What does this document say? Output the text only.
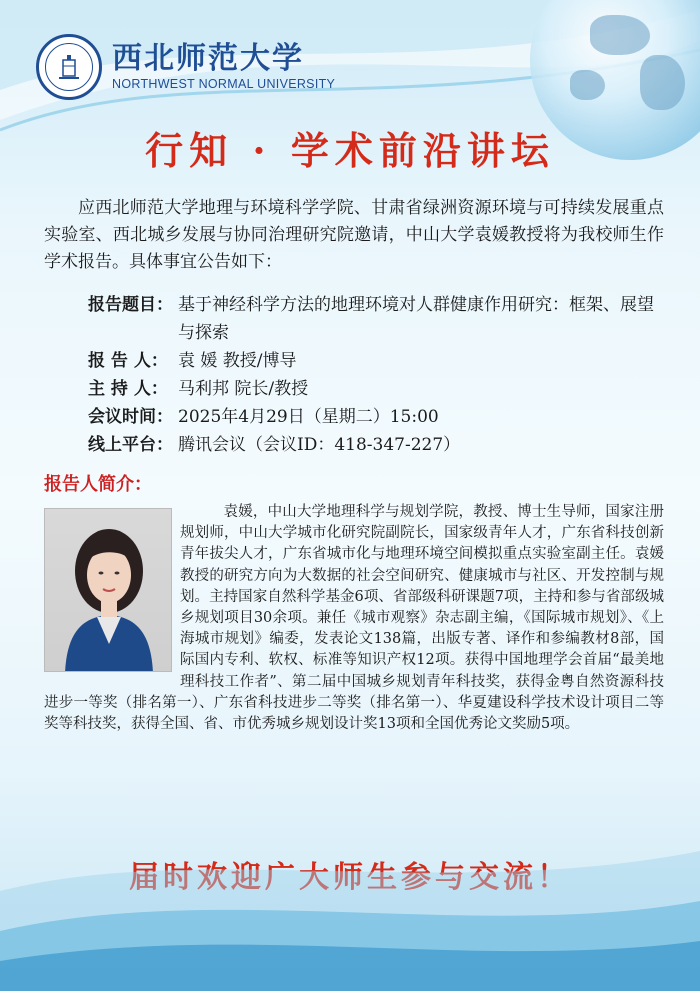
西北师范大学
NORTHWEST NORMAL UNIVERSITY
行知 · 学术前沿讲坛
应西北师范大学地理与环境科学学院、甘肃省绿洲资源环境与可持续发展重点实验室、西北城乡发展与协同治理研究院邀请，中山大学袁媛教授将为我校师生作学术报告。具体事宜公告如下：
报告题目： 基于神经科学方法的地理环境对人群健康作用研究：框架、展望与探索
报 告 人： 袁 媛 教授/博导
主 持 人： 马利邦 院长/教授
会议时间： 2025年4月29日（星期二）15:00
线上平台： 腾讯会议（会议ID：418-347-227）
报告人简介：

袁媛，中山大学地理科学与规划学院，教授、博士生导师，国家注册规划师，中山大学城市化研究院副院长，国家级青年人才，广东省科技创新青年拔尖人才，广东省城市化与地理环境空间模拟重点实验室副主任。袁媛教授的研究方向为大数据的社会空间研究、健康城市与社区、开发控制与规划。主持国家自然科学基金6项、省部级科研课题7项，主持和参与省部级城乡规划项目30余项。兼任《城市观察》杂志副主编，《国际城市规划》、《上海城市规划》编委，发表论文138篇，出版专著、译作和参编教材8部，国际国内专利、软权、标准等知识产权12项。获得中国地理学会首届“最美地理科技工作者”、第二届中国城乡规划青年科技奖，获得金粤自然资源科技进步一等奖（排名第一）、广东省科技进步二等奖（排名第一）、华夏建设科学技术设计项目二等奖等科技奖，获得全国、省、市优秀城乡规划设计奖13项和全国优秀论文奖励5项。

届时欢迎广大师生参与交流！
